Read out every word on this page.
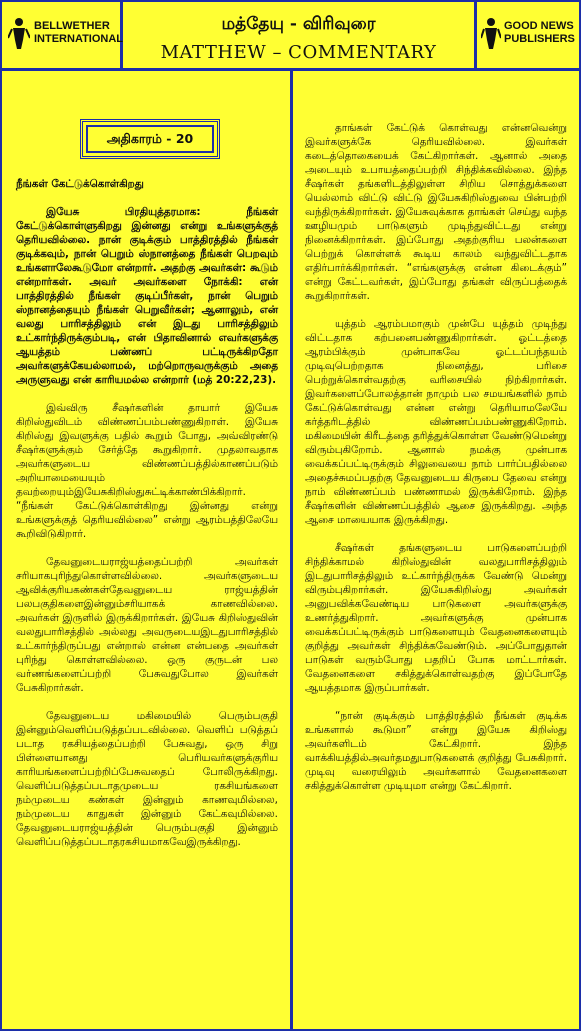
BELLWETHER
INTERNATIONAL
மத்தேயு - விரிவுரை
MATTHEW – COMMENTARY
GOOD NEWS
PUBLISHERS
அதிகாரம் - 20
நீங்கள் கேட்டுக்கொள்கிறது

இயேசு பிரதியுத்தரமாக: நீங்கள் கேட்டுக்கொள்ளுகிறது இன்னது என்று உங்களுக்குத் தெரியவில்லை. நான் குடிக்கும் பாத்திரத்தில் நீங்கள் குடிக்கவும், நான் பெறும் ஸ்நானத்தை நீங்கள் பெறவும் உங்களாலேகூடுமோ என்றார். அதற்கு அவர்கள்: கூடும் என்றார்கள். அவர் அவர்களை நோக்கி: என் பாத்திரத்தில் நீங்கள் குடிப்பீர்கள், நான் பெறும் ஸ்நானத்தையும் நீங்கள் பெறுவீர்கள்; ஆனாலும், என் வலது பாரிசத்திலும் என் இடது பாரிசத்திலும் உட்கார்ந்திருக்கும்படி, என் பிதாவினால் எவர்களுக்கு ஆயத்தம் பண்ணப் பட்டிருக்கிறதோ அவர்களுக்கேயல்லாமல், மற்றொருவருக்கும் அதை அருளுவது என் காரியமல்ல என்றார் (மத் 20:22,23).

இவ்விரு சீஷர்களின் தாயார் இயேசு கிறிஸ்துவிடம் விண்ணப்பம்பண்ணுகிறாள். இயேசு கிறிஸ்து இவளுக்கு பதில் கூறும் போது, அவ்விரண்டு சீஷர்களுக்கும் சேர்த்தே கூறுகிறார். முதலாவதாக அவர்களுடைய விண்ணப்பத்தில்காணப்படும் அறியாமையையும் தவற்றையும்இயேசுகிறிஸ்துசுட்டிக்காண்பிக்கிறார். “நீங்கள் கேட்டுக்கொள்கிறது இன்னது என்று உங்களுக்குத் தெரியவில்லை” என்று ஆரம்பத்திலேயே கூறிவிடுகிறார்.

தேவனுடையராஜ்யத்தைப்பற்றி அவர்கள் சரியாகபுரிந்துகொள்ளவில்லை. அவர்களுடைய ஆவிக்குரியகண்கள்தேவனுடைய ராஜ்யத்தின் பலபகுதிகளைஇன்னும்சரியாகக் காணவில்லை. அவர்கள் இருளில் இருக்கிறார்கள். இயேசு கிறிஸ்துவின் வலதுபாரிசத்தில் அல்லது அவருடையஇடதுபாரிசத்தில் உட்கார்ந்திருப்பது என்றால் என்ன என்பதை அவர்கள் புரிந்து கொள்ளவில்லை. ஒரு குருடன் பல வர்ணங்களைப்பற்றி பேசுவதுபோல இவர்கள் பேசுகிறார்கள்.

தேவனுடைய மகிமையில் பெரும்பகுதி இன்னும்வெளிப்படுத்தப்படவில்லை. வெளிப் படுத்தப் படாத ரகசியத்தைப்பற்றி பேசுவது, ஒரு சிறு பிள்ளையானது பெரியவர்களுக்குரிய காரியங்களைப்பற்றிப்பேசுவதைப் போலிருக்கிறது. வெளிப்படுத்தப்படாதமுடைய ரகசியங்களை நம்முடைய கண்கள் இன்னும் காணவுமில்லை, நம்முடைய காதுகள் இன்னும் கேட்கவுமில்லை. தேவனுடையராஜ்யத்தின் பெரும்பகுதி இன்னும் வெளிப்படுத்தப்படாதரகசியமாகவேஇருக்கிறது.

தாங்கள் கேட்டுக் கொள்வது என்னவென்று இவர்களுக்கே தெரியவில்லை. இவர்கள் கடைத்தொகையைக் கேட்கிறார்கள். ஆனால் அதை அடையும் உபாயத்தைப்பற்றி சிந்திக்கவில்லை. இந்த சீஷர்கள் தங்களிடத்திலுள்ள சிறிய சொத்துக்களை யெல்லாம் விட்டு விட்டு இயேசுகிறிஸ்துவை பின்பற்றி வந்திருக்கிறார்கள். இயேசுவுக்காக தாங்கள் செய்து வந்த ஊழியமும் பாடுகளும் முடிந்துவிட்டது என்று நினைக்கிறார்கள். இப்போது அதற்குரிய பலன்களை பெற்றுக் கொள்ளக் கூடிய காலம் வந்துவிட்டதாக எதிர்பார்க்கிறார்கள். “எங்களுக்கு என்ன கிடைக்கும்” என்று கேட்டவர்கள், இப்போது தங்கள் விருப்பத்தைக் கூறுகிறார்கள்.

யுத்தம் ஆரம்பமாகும் முன்பே யுத்தம் முடிந்து விட்டதாக கற்பனைபண்ணுகிறார்கள். ஓட்டத்தை ஆரம்பிக்கும் முன்பாகவே ஓட்டப்பந்தயம் முடிவுபெற்றதாக நினைத்து, பரிசை பெற்றுக்கொள்வதற்கு வரிசையில் நிற்கிறார்கள். இவர்களைப்போலத்தான் நாமும் பல சமயங்களில் நாம் கேட்டுக்கொள்வது என்ன என்று தெரியாமலேயே கர்த்தரிடத்தில் விண்ணப்பம்பண்ணுகிறோம். மகிமையின் கிரீடத்தை தரித்துக்கொள்ள வேண்டுமென்று விரும்புகிறோம். ஆனால் நமக்கு முன்பாக வைக்கப்பட்டிருக்கும் சிலுவையை நாம் பார்ப்பதில்லை அதைச்சுமப்பதற்கு தேவனுடைய கிருபை தேவை என்று நாம் விண்ணப்பம் பண்ணாமல் இருக்கிறோம். இந்த சீஷர்களின் விண்ணப்பத்தில் ஆசை இருக்கிறது. அந்த ஆசை மாயையாக இருக்கிறது.

சீஷர்கள் தங்களுடைய பாடுகளைப்பற்றி சிந்திக்காமல் கிறிஸ்துவின் வலதுபாரிசத்திலும் இடதுபாரிசத்திலும் உட்கார்ந்திருக்க வேண்டு மென்று விரும்புகிறார்கள். இயேசுகிறிஸ்து அவர்கள் அனுபவிக்கவேண்டிய பாடுகளை அவர்களுக்கு உணர்த்துகிறார். அவர்களுக்கு முன்பாக வைக்கப்பட்டிருக்கும் பாடுகளையும் வேதனைகளையும் குறித்து அவர்கள் சிந்திக்கவேண்டும். அப்போதுதான் பாடுகள் வரும்போது பதறிப் போக மாட்டார்கள். வேதனைகளை சகித்துக்கொள்வதற்கு இப்போதே ஆயத்தமாக இருப்பார்கள்.

“நான் குடிக்கும் பாத்திரத்தில் நீங்கள் குடிக்க உங்களால் கூடுமா” என்று இயேசு கிறிஸ்து அவர்களிடம் கேட்கிறார். இந்த வாக்கியத்தில்அவர்தமதுபாடுகளைக் குறித்து பேசுகிறார். முடிவு வரையிலும் அவர்களால் வேதனைகளை சகித்துக்கொள்ள முடியுமா என்று கேட்கிறார்.
